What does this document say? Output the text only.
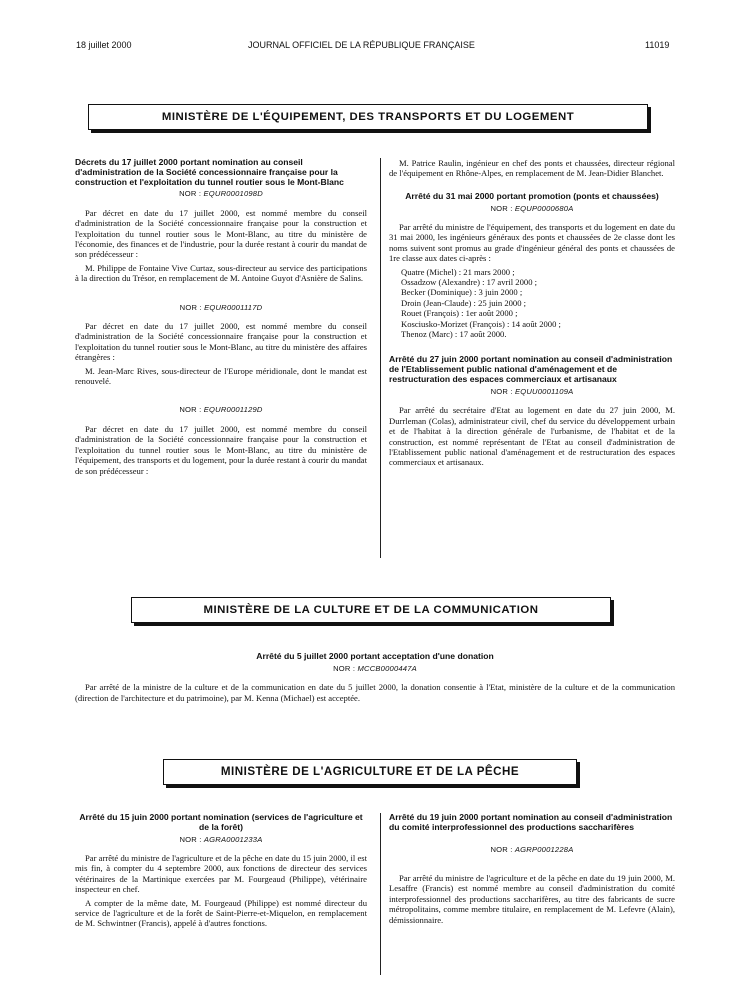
18 juillet 2000	JOURNAL OFFICIEL DE LA RÉPUBLIQUE FRANÇAISE	11019
MINISTÈRE DE L'ÉQUIPEMENT, DES TRANSPORTS ET DU LOGEMENT
Décrets du 17 juillet 2000 portant nomination au conseil d'administration de la Société concessionnaire française pour la construction et l'exploitation du tunnel routier sous le Mont-Blanc
NOR : EQUR0001098D

Par décret en date du 17 juillet 2000, est nommé membre du conseil d'administration de la Société concessionnaire française pour la construction et l'exploitation du tunnel routier sous le Mont-Blanc, au titre du ministère de l'économie, des finances et de l'industrie, pour la durée restant à courir du mandat de son prédécesseur :

M. Philippe de Fontaine Vive Curtaz, sous-directeur au service des participations à la direction du Trésor, en remplacement de M. Antoine Guyot d'Asnière de Salins.

NOR : EQUR0001117D

Par décret en date du 17 juillet 2000, est nommé membre du conseil d'administration de la Société concessionnaire française pour la construction et l'exploitation du tunnel routier sous le Mont-Blanc, au titre du ministère des affaires étrangères :

M. Jean-Marc Rives, sous-directeur de l'Europe méridionale, dont le mandat est renouvelé.

NOR : EQUR0001129D

Par décret en date du 17 juillet 2000, est nommé membre du conseil d'administration de la Société concessionnaire française pour la construction et l'exploitation du tunnel routier sous le Mont-Blanc, au titre du ministère de l'équipement, des transports et du logement, pour la durée restant à courir du mandat de son prédécesseur :

M. Patrice Raulin, ingénieur en chef des ponts et chaussées, directeur régional de l'équipement en Rhône-Alpes, en remplacement de M. Jean-Didier Blanchet.

Arrêté du 31 mai 2000 portant promotion (ponts et chaussées)
NOR : EQUP0000680A

Par arrêté du ministre de l'équipement, des transports et du logement en date du 31 mai 2000, les ingénieurs généraux des ponts et chaussées de 2e classe dont les noms suivent sont promus au grade d'ingénieur général des ponts et chaussées de 1re classe aux dates ci-après :

Quatre (Michel) : 21 mars 2000 ;
Ossadzow (Alexandre) : 17 avril 2000 ;
Becker (Dominique) : 3 juin 2000 ;
Droin (Jean-Claude) : 25 juin 2000 ;
Rouet (François) : 1er août 2000 ;
Kosciusko-Morizet (François) : 14 août 2000 ;
Thenoz (Marc) : 17 août 2000.
Arrêté du 27 juin 2000 portant nomination au conseil d'administration de l'Etablissement public national d'aménagement et de restructuration des espaces commerciaux et artisanaux
NOR : EQUU0001109A

Par arrêté du secrétaire d'Etat au logement en date du 27 juin 2000, M. Durrleman (Colas), administrateur civil, chef du service du développement urbain et de l'habitat à la direction générale de l'urbanisme, de l'habitat et de la construction, est nommé représentant de l'Etat au conseil d'administration de l'Etablissement public national d'aménagement et de restructuration des espaces commerciaux et artisanaux.

MINISTÈRE DE LA CULTURE ET DE LA COMMUNICATION
Arrêté du 5 juillet 2000 portant acceptation d'une donation
NOR : MCCB0000447A

Par arrêté de la ministre de la culture et de la communication en date du 5 juillet 2000, la donation consentie à l'Etat, ministère de la culture et de la communication (direction de l'architecture et du patrimoine), par M. Kenna (Michael) est acceptée.

MINISTÈRE DE L'AGRICULTURE ET DE LA PÊCHE
Arrêté du 15 juin 2000 portant nomination (services de l'agriculture et de la forêt)
NOR : AGRA0001233A

Par arrêté du ministre de l'agriculture et de la pêche en date du 15 juin 2000, il est mis fin, à compter du 4 septembre 2000, aux fonctions de directeur des services vétérinaires de la Martinique exercées par M. Fourgeaud (Philippe), vétérinaire inspecteur en chef.

A compter de la même date, M. Fourgeaud (Philippe) est nommé directeur du service de l'agriculture et de la forêt de Saint-Pierre-et-Miquelon, en remplacement de M. Schwintner (Francis), appelé à d'autres fonctions.

Arrêté du 19 juin 2000 portant nomination au conseil d'administration du comité interprofessionnel des productions saccharifères
NOR : AGRP0001228A

Par arrêté du ministre de l'agriculture et de la pêche en date du 19 juin 2000, M. Lesaffre (Francis) est nommé membre au conseil d'administration du comité interprofessionnel des productions saccharifères, au titre des fabricants de sucre métropolitains, comme membre titulaire, en remplacement de M. Lefevre (Alain), démissionnaire.
